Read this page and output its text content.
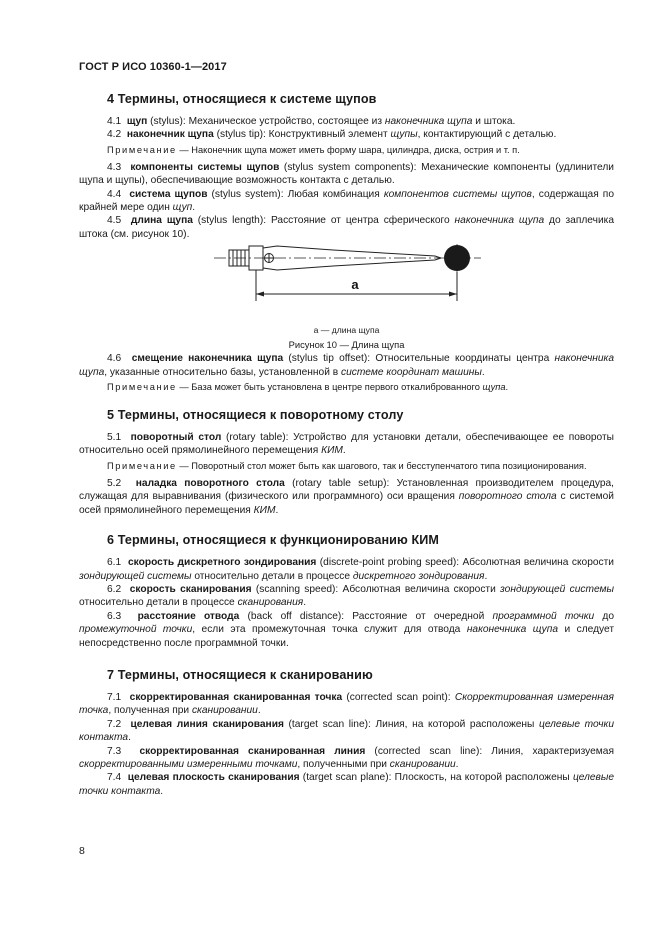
ГОСТ Р ИСО 10360-1—2017
4 Термины, относящиеся к системе щупов

4.1 щуп (stylus): Механическое устройство, состоящее из наконечника щупа и штока.

4.2 наконечник щупа (stylus tip): Конструктивный элемент щупы, контактирующий с деталью.

Примечание — Наконечник щупа может иметь форму шара, цилиндра, диска, острия и т. п.

4.3 компоненты системы щупов (stylus system components): Механические компоненты (удлинители щупа и щупы), обеспечивающие возможность контакта с деталью.

4.4 система щупов (stylus system): Любая комбинация компонентов системы щупов, содержащая по крайней мере один щуп.

4.5 длина щупа (stylus length): Расстояние от центра сферического наконечника щупа до заплечика штока (см. рисунок 10).

a

а — длина щупа

Рисунок 10 — Длина щупа

4.6 смещение наконечника щупа (stylus tip offset): Относительные координаты центра наконечника щупа, указанные относительно базы, установленной в системе координат машины.

Примечание — База может быть установлена в центре первого откалиброванного щупа.

5 Термины, относящиеся к поворотному столу

5.1 поворотный стол (rotary table): Устройство для установки детали, обеспечивающее ее повороты относительно осей прямолинейного перемещения КИМ.

Примечание — Поворотный стол может быть как шагового, так и бесступенчатого типа позиционирования.

5.2 наладка поворотного стола (rotary table setup): Установленная производителем процедура, служащая для выравнивания (физического или программного) оси вращения поворотного стола с системой осей прямолинейного перемещения КИМ.

6 Термины, относящиеся к функционированию КИМ

6.1 скорость дискретного зондирования (discrete-point probing speed): Абсолютная величина скорости зондирующей системы относительно детали в процессе дискретного зондирования.

6.2 скорость сканирования (scanning speed): Абсолютная величина скорости зондирующей системы относительно детали в процессе сканирования.

6.3 расстояние отвода (back off distance): Расстояние от очередной программной точки до промежуточной точки, если эта промежуточная точка служит для отвода наконечника щупа и следует непосредственно после программной точки.

7 Термины, относящиеся к сканированию

7.1 скорректированная сканированная точка (corrected scan point): Скорректированная измеренная точка, полученная при сканировании.

7.2 целевая линия сканирования (target scan line): Линия, на которой расположены целевые точки контакта.

7.3 скорректированная сканированная линия (corrected scan line): Линия, характеризуемая скорректированными измеренными точками, полученными при сканировании.

7.4 целевая плоскость сканирования (target scan plane): Плоскость, на которой расположены целевые точки контакта.

8
